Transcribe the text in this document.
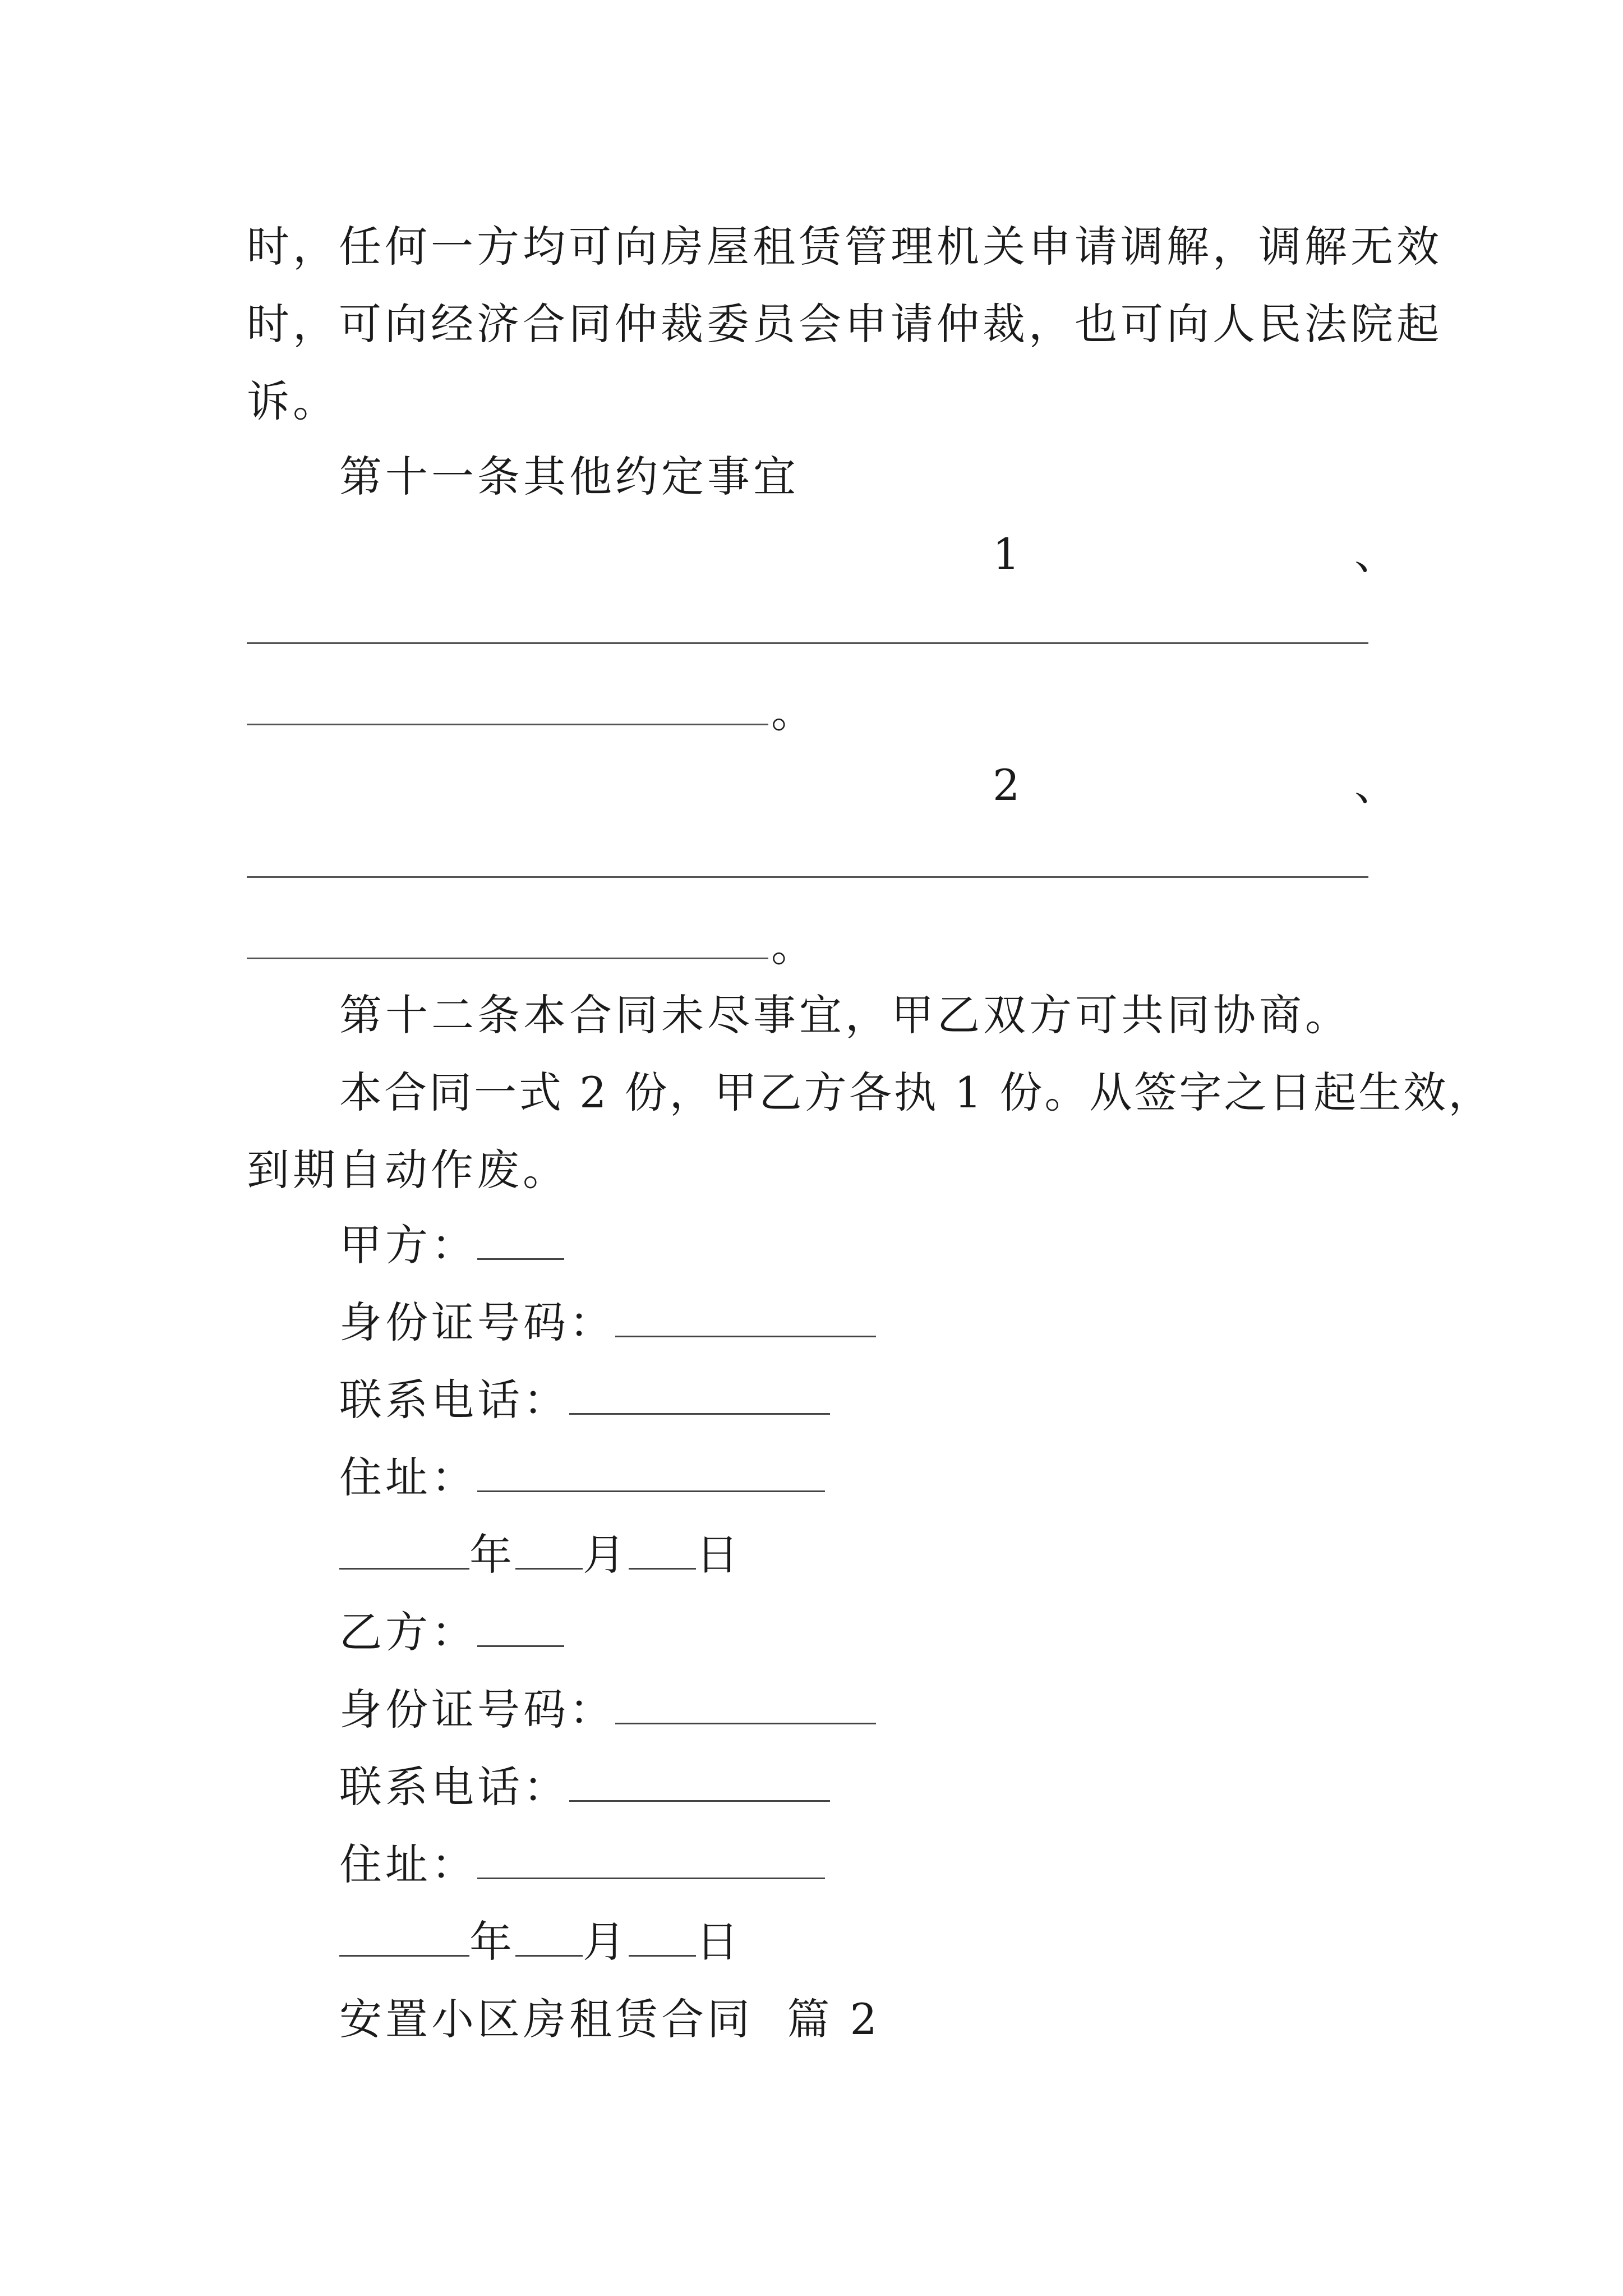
时，任何一方均可向房屋租赁管理机关申请调解，调解无效
时，可向经济合同仲裁委员会申请仲裁，也可向人民法院起
诉。
第十一条其他约定事宜
1	、
。
2	、
。
第十二条本合同未尽事宜，甲乙双方可共同协商。
本合同一式 2 份，甲乙方各执 1 份。从签字之日起生效，
到期自动作废。
甲方：
身份证号码：
联系电话：
住址：
年 月 日
乙方：
身份证号码：
联系电话：
住址：
年 月 日
安置小区房租赁合同  篇 2
